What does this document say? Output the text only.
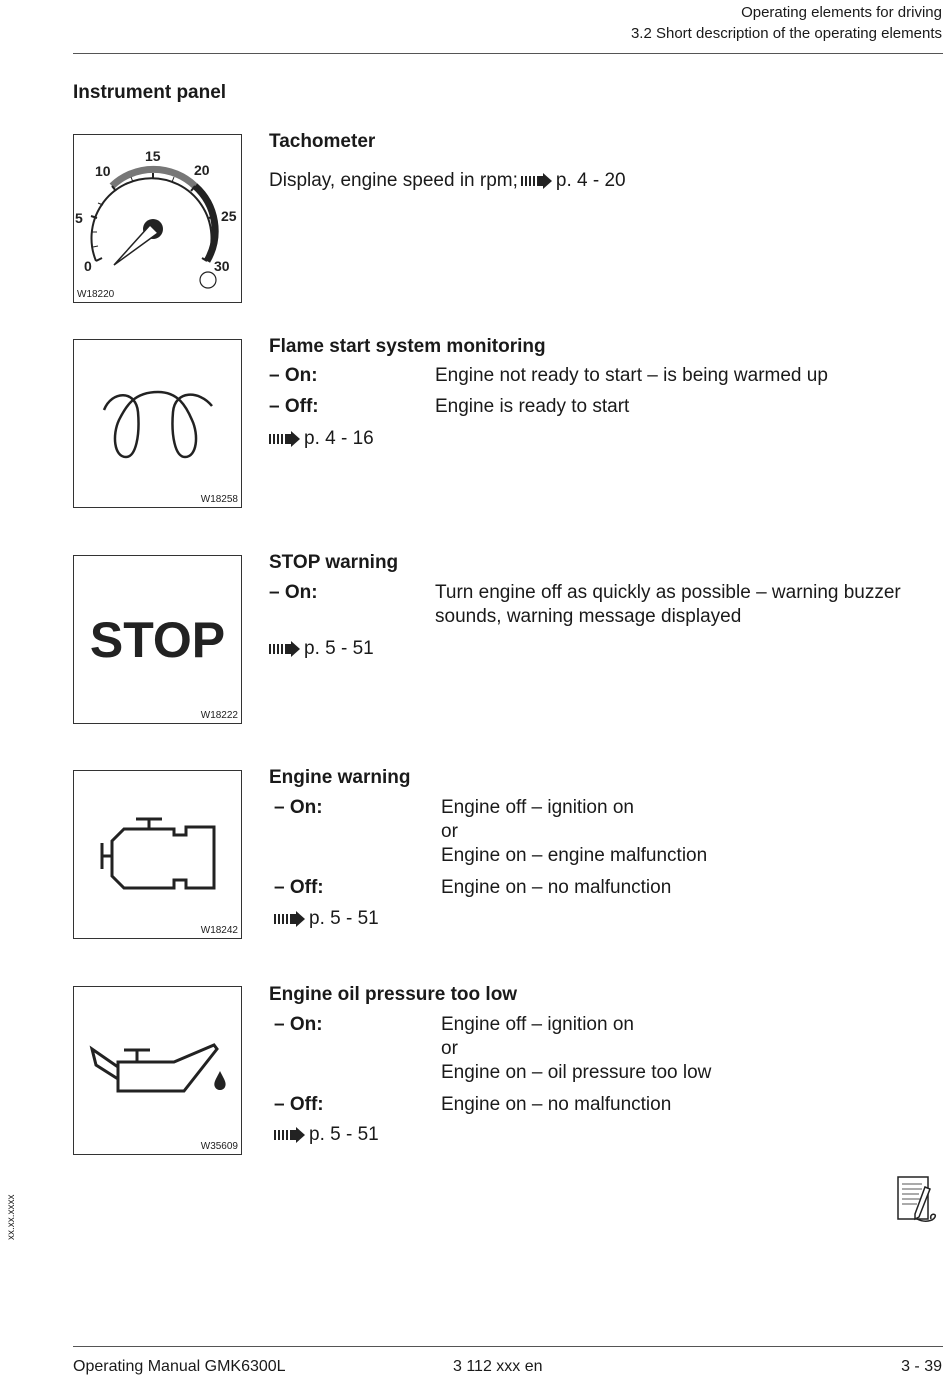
Operating elements for driving
3.2 Short description of the operating elements
Instrument panel
0
5
10
15
20
25
30
W18220
Tachometer
Display, engine speed in rpm; p. 4 - 20
W18258
Flame start system monitoring
– On:	Engine not ready to start – is being warmed up
– Off:	Engine is ready to start
p. 4 - 16
STOP
W18222
STOP warning
– On:	Turn engine off as quickly as possible – warning buzzer sounds, warning message displayed
p. 5 - 51
W18242
Engine warning
– On:	Engine off – ignition on
or
Engine on – engine malfunction
– Off:	Engine on – no malfunction
p. 5 - 51
W35609
Engine oil pressure too low
– On:	Engine off – ignition on
or
Engine on – oil pressure too low
– Off:	Engine on – no malfunction
p. 5 - 51
xx.xx.xxxx
Operating Manual GMK6300L	3 112 xxx en	3 - 39
